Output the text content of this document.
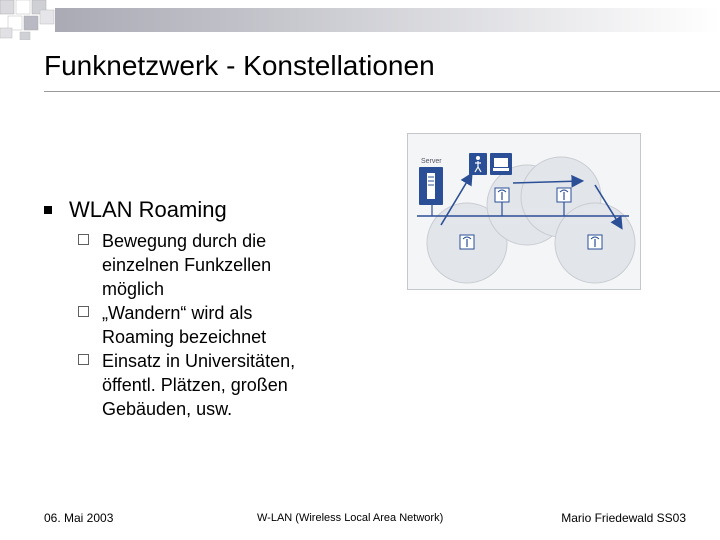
Funknetzwerk - Konstellationen
WLAN Roaming
Bewegung durch die
einzelnen Funkzellen
möglich
„Wandern“ wird als
Roaming bezeichnet
Einsatz in Universitäten,
öffentl. Plätzen, großen
Gebäuden, usw.
Server
06. Mai 2003	W-LAN (Wireless Local Area Network)	Mario Friedewald SS03
